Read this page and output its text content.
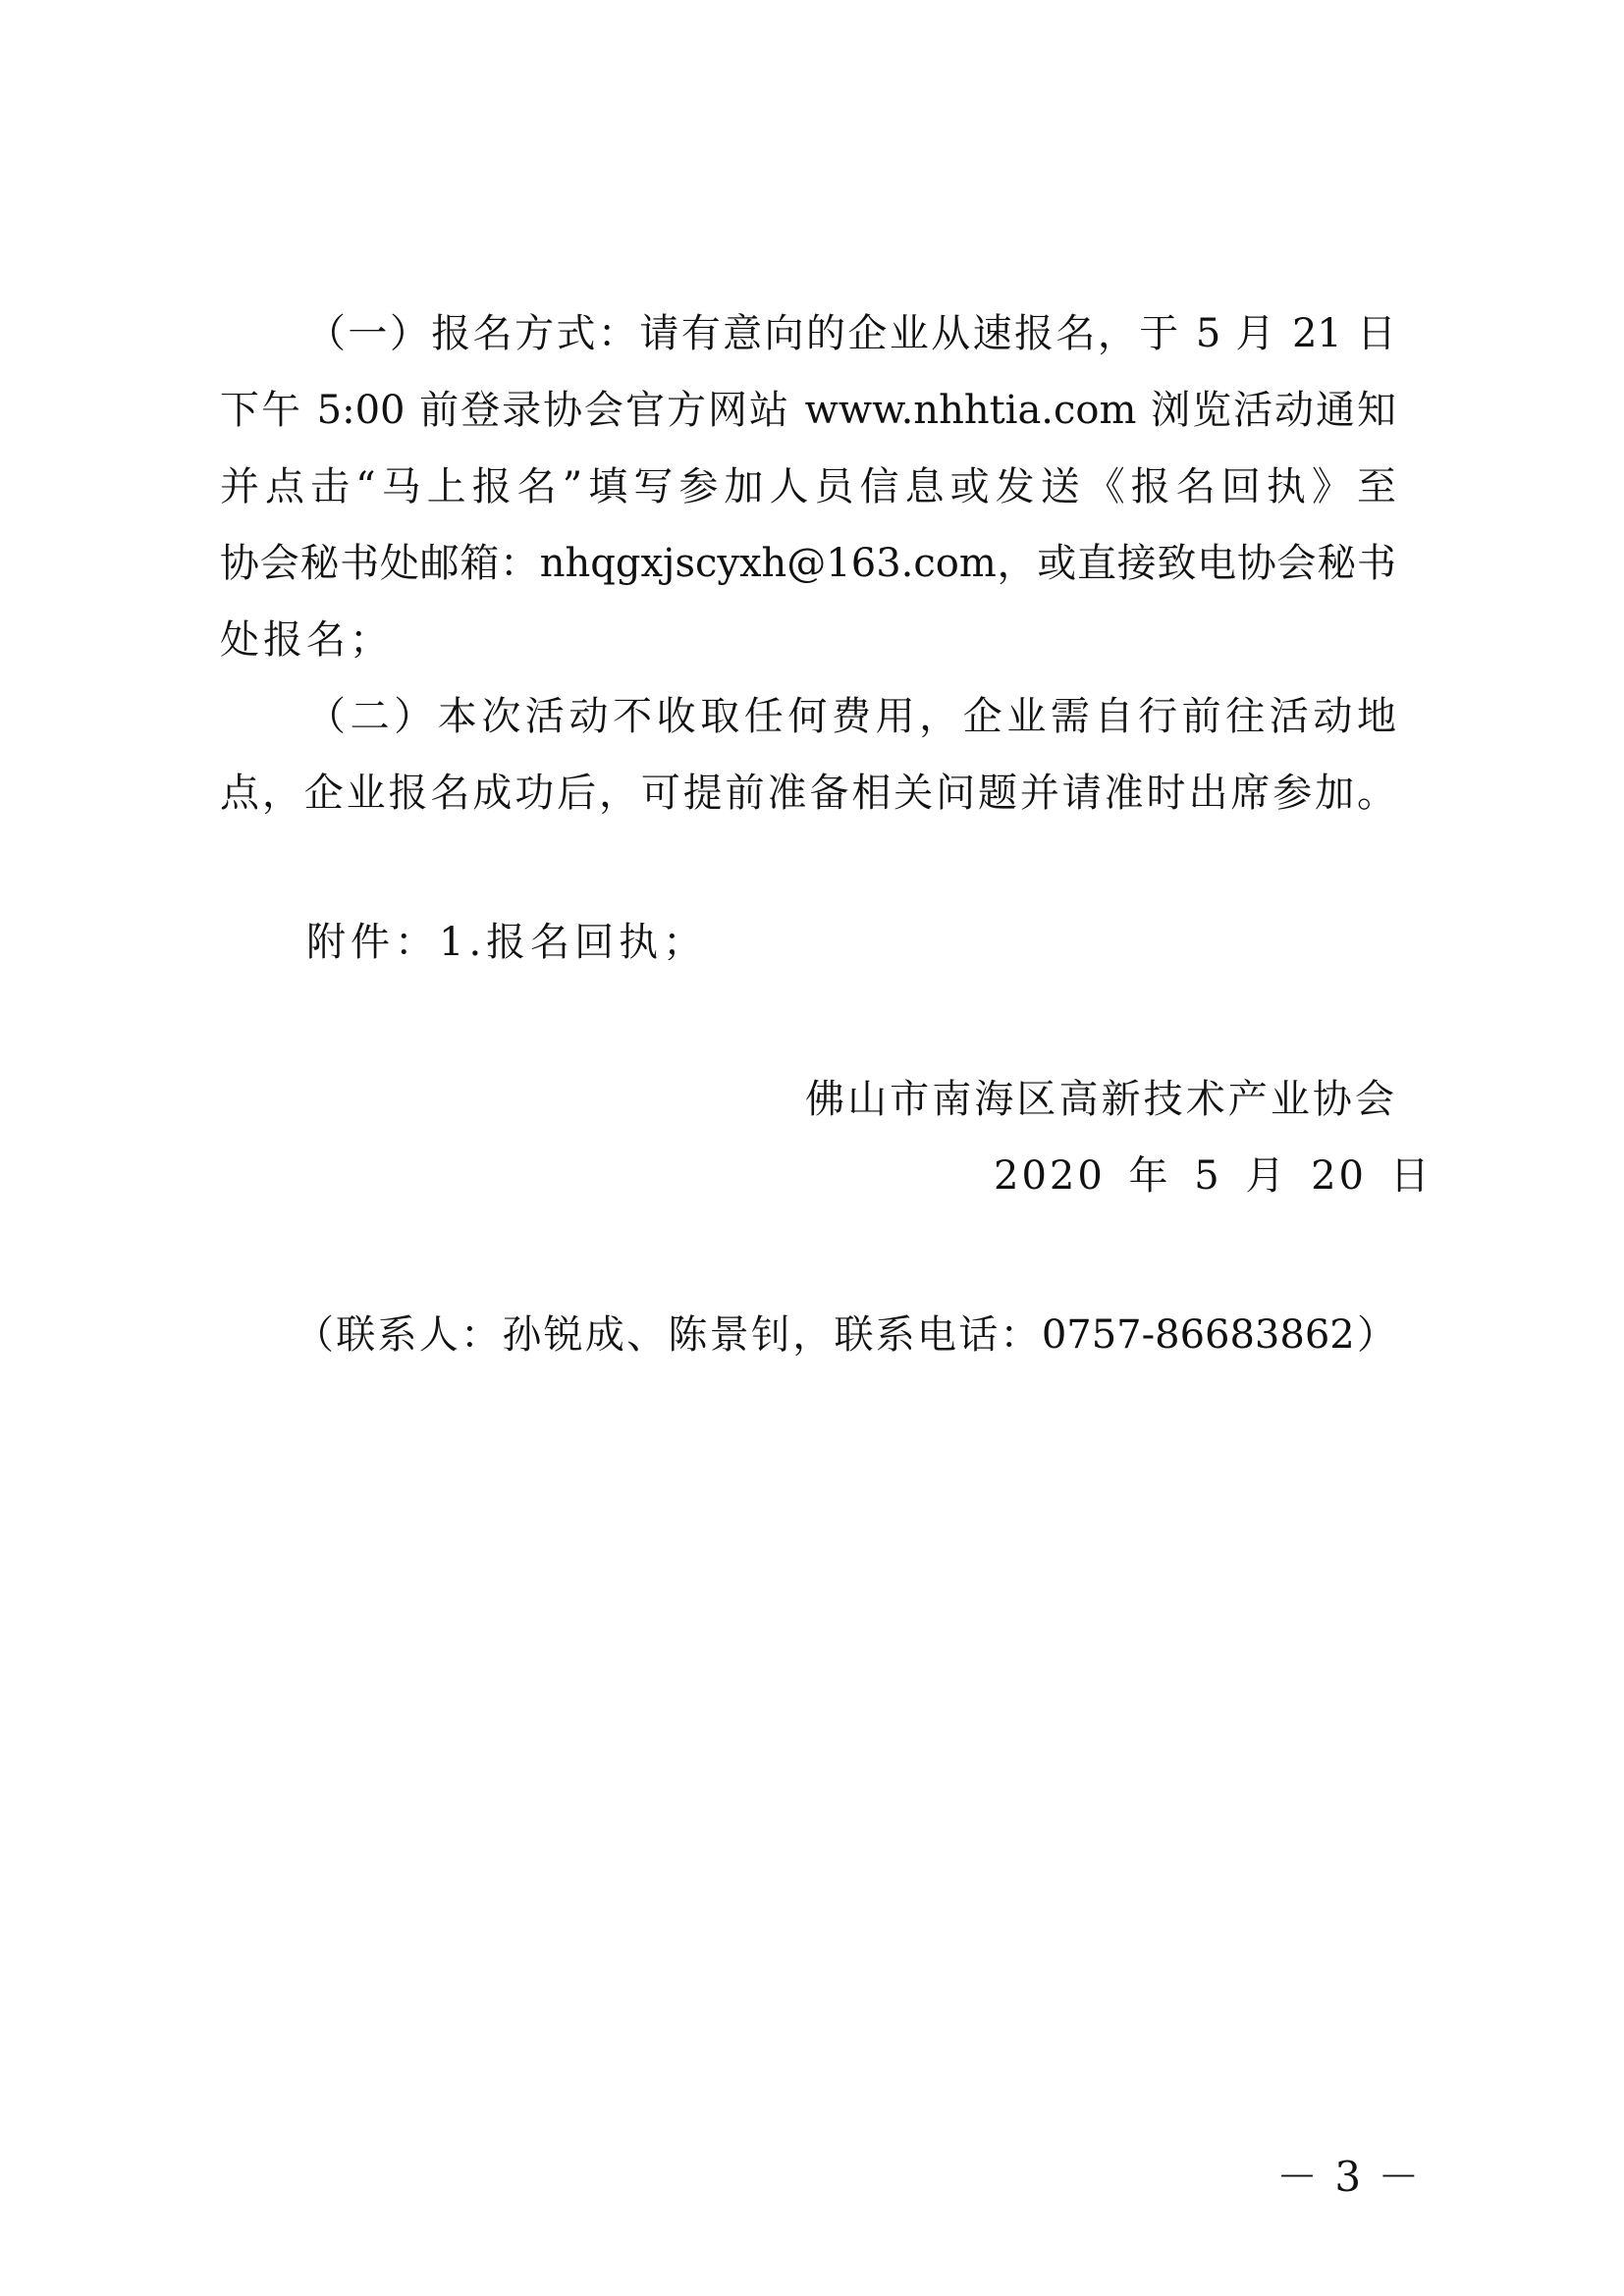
（一）报名方式：请有意向的企业从速报名，于 5 月 21 日
下午 5:00 前登录协会官方网站 www.nhhtia.com 浏览活动通知
并点击“马上报名”填写参加人员信息或发送《报名回执》至
协会秘书处邮箱：nhqgxjscyxh@163.com，或直接致电协会秘书
处报名；
（二）本次活动不收取任何费用，企业需自行前往活动地
点，企业报名成功后，可提前准备相关问题并请准时出席参加。
附件：1.报名回执；
佛山市南海区高新技术产业协会
2020 年 5 月 20 日
（联系人：孙锐成、陈景钊，联系电话：0757-86683862）
－ 3 －
